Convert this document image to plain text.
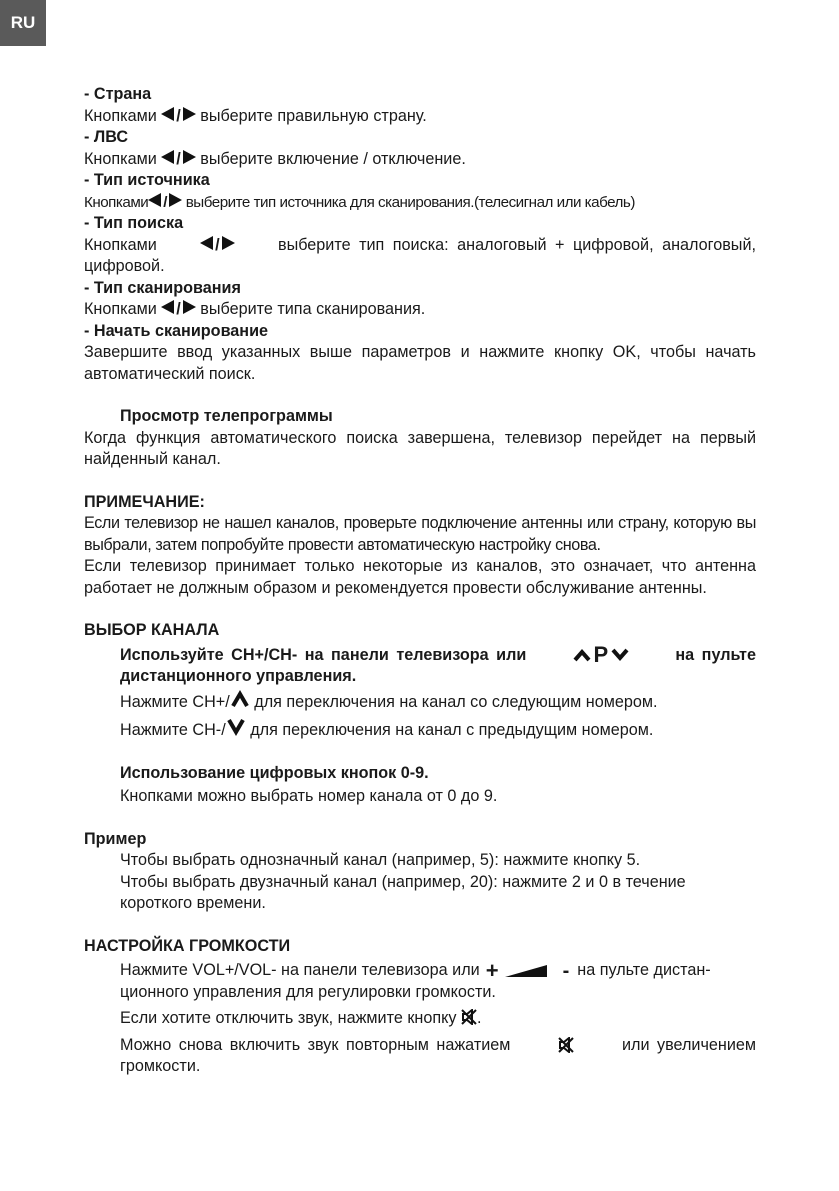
RU
- Страна
Кнопками / выберите правильную страну.
- ЛВС
Кнопками / выберите включение / отключение.
- Тип источника
Кнопками / выберите тип источника для сканирования.(телесигнал или кабель)
- Тип поиска
Кнопками	/	выберите тип поиска: аналоговый + цифровой, аналоговый,
цифровой.
- Тип сканирования
Кнопками / выберите типа сканирования.
- Начать сканирование
Завершите ввод указанных выше параметров и нажмите кнопку OK, чтобы начать автоматический поиск.
Просмотр телепрограммы
Когда функция автоматического поиска завершена, телевизор перейдет на первый найденный канал.
ПРИМЕЧАНИЕ:
Если телевизор не нашел каналов, проверьте подключение антенны или страну, которую вы выбрали, затем попробуйте провести автоматическую настройку снова.
Если телевизор принимает только некоторые из каналов, это означает, что антенна работает не должным образом и рекомендуется провести обслуживание антенны.
ВЫБОР КАНАЛА
Используйте CH+/CH- на панели телевизора или	P	на пульте
дистанционного управления.
Нажмите CH+/ для переключения на канал со следующим номером.
Нажмите CH-/ для переключения на канал с предыдущим номером.
Использование цифровых кнопок 0-9.
Кнопками можно выбрать номер канала от 0 до 9.
Пример
Чтобы выбрать однозначный канал (например, 5): нажмите кнопку 5.
Чтобы выбрать двузначный канал (например, 20): нажмите 2 и 0 в течение
короткого времени.
НАСТРОЙКА ГРОМКОСТИ
Нажмите VOL+/VOL- на панели телевизора или +	- на пульте дистан-
ционного управления для регулировки громкости.
Если хотите отключить звук, нажмите кнопку .
Можно снова включить звук повторным нажатием	или увеличением
громкости.
